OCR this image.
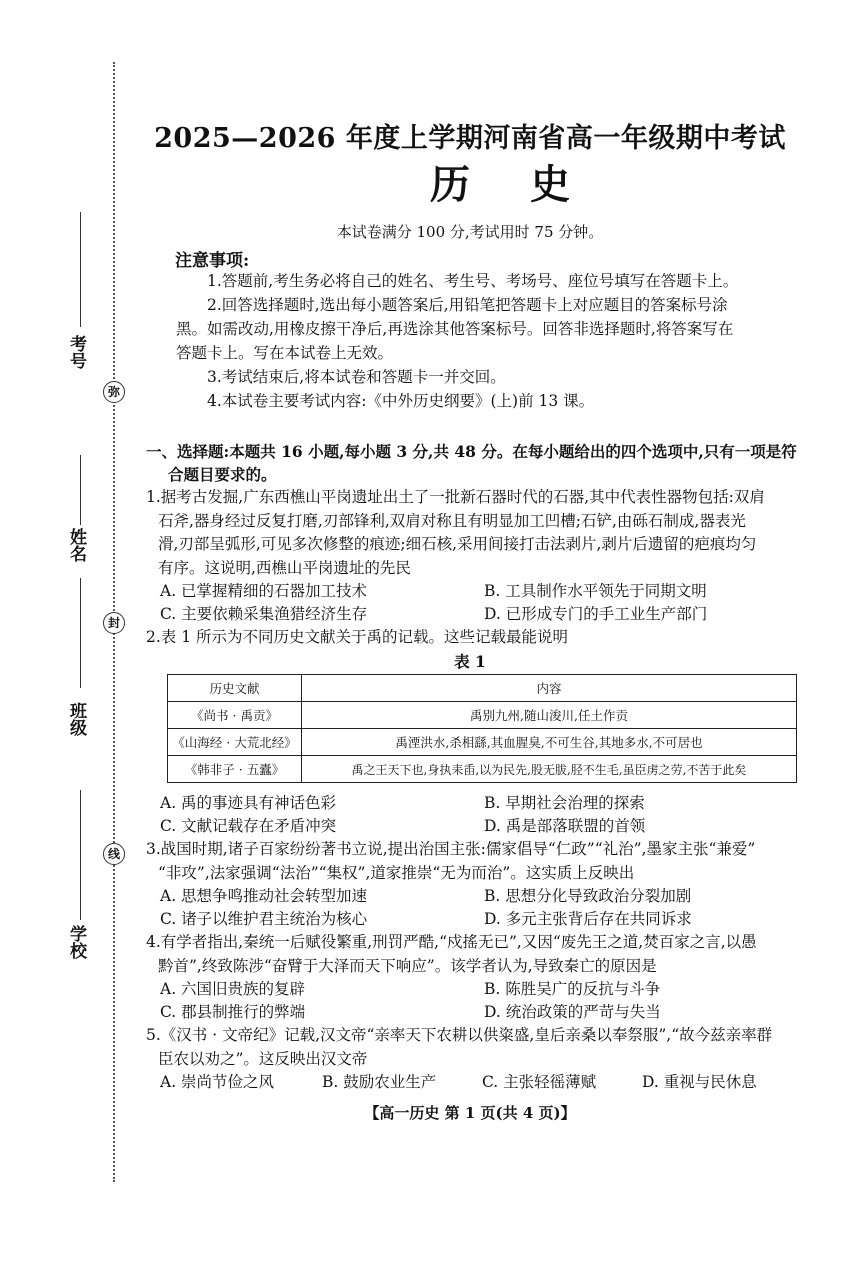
考号
姓名
班级
学校
弥
封
线
2025—2026 年度上学期河南省高一年级期中考试
历史
本试卷满分 100 分,考试用时 75 分钟。
注意事项:
1.答题前,考生务必将自己的姓名、考生号、考场号、座位号填写在答题卡上。
2.回答选择题时,选出每小题答案后,用铅笔把答题卡上对应题目的答案标号涂
黑。如需改动,用橡皮擦干净后,再选涂其他答案标号。回答非选择题时,将答案写在
答题卡上。写在本试卷上无效。
3.考试结束后,将本试卷和答题卡一并交回。
4.本试卷主要考试内容:《中外历史纲要》(上)前 13 课。
一、选择题:本题共 16 小题,每小题 3 分,共 48 分。在每小题给出的四个选项中,只有一项是符
合题目要求的。
1.据考古发掘,广东西樵山平岗遗址出土了一批新石器时代的石器,其中代表性器物包括:双肩
石斧,器身经过反复打磨,刃部锋利,双肩对称且有明显加工凹槽;石铲,由砾石制成,器表光
滑,刃部呈弧形,可见多次修整的痕迹;细石核,采用间接打击法剥片,剥片后遗留的疤痕均匀
有序。这说明,西樵山平岗遗址的先民
A. 已掌握精细的石器加工技术	B. 工具制作水平领先于同期文明
C. 主要依赖采集渔猎经济生存	D. 已形成专门的手工业生产部门
2.表 1 所示为不同历史文献关于禹的记载。这些记载最能说明
表 1
历史文献	内容
《尚书 · 禹贡》	禹别九州,随山浚川,任土作贡
《山海经 · 大荒北经》	禹湮洪水,杀相繇,其血腥臭,不可生谷,其地多水,不可居也
《韩非子 · 五蠹》	禹之王天下也,身执耒臿,以为民先,股无胈,胫不生毛,虽臣虏之劳,不苦于此矣
A. 禹的事迹具有神话色彩	B. 早期社会治理的探索
C. 文献记载存在矛盾冲突	D. 禹是部落联盟的首领
3.战国时期,诸子百家纷纷著书立说,提出治国主张:儒家倡导“仁政”“礼治”,墨家主张“兼爱”
“非攻”,法家强调“法治”“集权”,道家推崇“无为而治”。这实质上反映出
A. 思想争鸣推动社会转型加速	B. 思想分化导致政治分裂加剧
C. 诸子以维护君主统治为核心	D. 多元主张背后存在共同诉求
4.有学者指出,秦统一后赋役繁重,刑罚严酷,“戍搖无已”,又因“废先王之道,焚百家之言,以愚
黔首”,终致陈涉“奋臂于大泽而天下响应”。该学者认为,导致秦亡的原因是
A. 六国旧贵族的复辟	B. 陈胜吴广的反抗与斗争
C. 郡县制推行的弊端	D. 统治政策的严苛与失当
5.《汉书 · 文帝纪》记载,汉文帝“亲率天下农耕以供粢盛,皇后亲桑以奉祭服”,“故今兹亲率群
臣农以劝之”。这反映出汉文帝
A. 崇尚节俭之风	B. 鼓励农业生产	C. 主张轻徭薄赋	D. 重视与民休息
【高一历史 第 1 页(共 4 页)】
